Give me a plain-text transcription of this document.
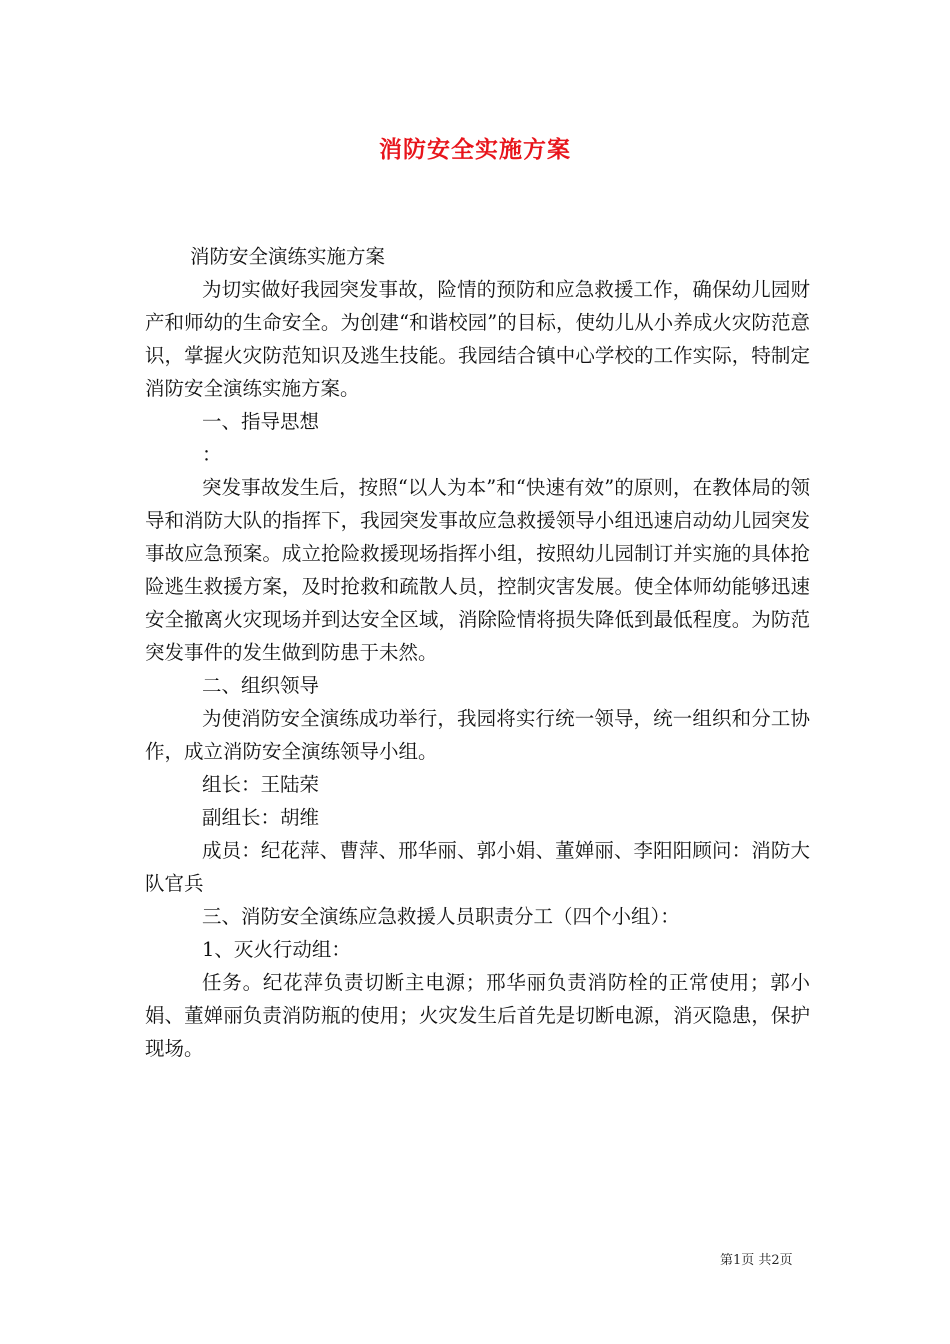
消防安全实施方案

消防安全演练实施方案

为切实做好我园突发事故，险情的预防和应急救援工作，确保幼儿园财产和师幼的生命安全。为创建“和谐校园”的目标，使幼儿从小养成火灾防范意识，掌握火灾防范知识及逃生技能。我园结合镇中心学校的工作实际，特制定消防安全演练实施方案。

一、指导思想

：

突发事故发生后，按照“以人为本”和“快速有效”的原则，在教体局的领导和消防大队的指挥下，我园突发事故应急救援领导小组迅速启动幼儿园突发事故应急预案。成立抢险救援现场指挥小组，按照幼儿园制订并实施的具体抢险逃生救援方案，及时抢救和疏散人员，控制灾害发展。使全体师幼能够迅速安全撤离火灾现场并到达安全区域，消除险情将损失降低到最低程度。为防范突发事件的发生做到防患于未然。

二、组织领导

为使消防安全演练成功举行，我园将实行统一领导，统一组织和分工协作，成立消防安全演练领导小组。

组长：王陆荣

副组长：胡维

成员：纪花萍、曹萍、邢华丽、郭小娟、董婵丽、李阳阳顾问：消防大队官兵

三、消防安全演练应急救援人员职责分工（四个小组）：

1、灭火行动组：

任务。纪花萍负责切断主电源；邢华丽负责消防栓的正常使用；郭小娟、董婵丽负责消防瓶的使用；火灾发生后首先是切断电源，消灭隐患，保护现场。

第1页 共2页
